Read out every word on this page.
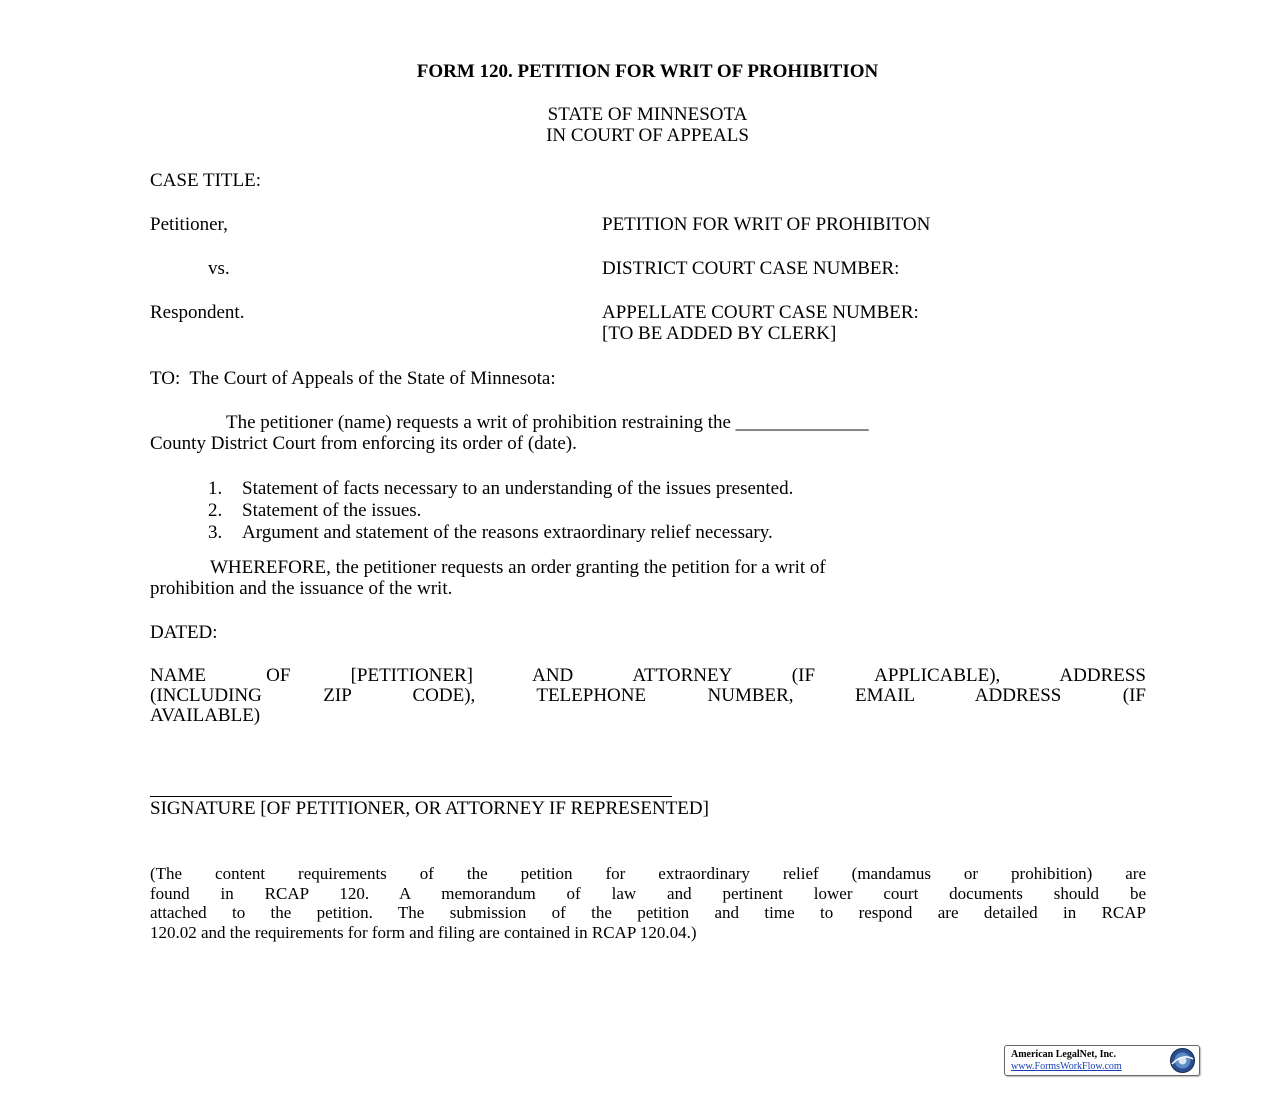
FORM 120. PETITION FOR WRIT OF PROHIBITION

STATE OF MINNESOTA
IN COURT OF APPEALS

CASE TITLE:

Petitioner,

vs.

Respondent.

PETITION FOR WRIT OF PROHIBITON

DISTRICT COURT CASE NUMBER:

APPELLATE COURT CASE NUMBER:
[TO BE ADDED BY CLERK]

TO:  The Court of Appeals of the State of Minnesota:

The petitioner (name) requests a writ of prohibition restraining the ______________
County District Court from enforcing its order of (date).
1. Statement of facts necessary to an understanding of the issues presented.
2. Statement of the issues.
3. Argument and statement of the reasons extraordinary relief necessary.
WHEREFORE, the petitioner requests an order granting the petition for a writ of
prohibition and the issuance of the writ.

DATED:

NAME OF [PETITIONER] AND ATTORNEY (IF APPLICABLE), ADDRESS
(INCLUDING ZIP CODE), TELEPHONE NUMBER, EMAIL ADDRESS (IF
AVAILABLE)

SIGNATURE [OF PETITIONER, OR ATTORNEY IF REPRESENTED]

(The content requirements of the petition for extraordinary relief (mandamus or prohibition) are
found in RCAP 120. A memorandum of law and pertinent lower court documents should be
attached to the petition. The submission of the petition and time to respond are detailed in RCAP
120.02 and the requirements for form and filing are contained in RCAP 120.04.)
American LegalNet, Inc.
www.FormsWorkFlow.com
